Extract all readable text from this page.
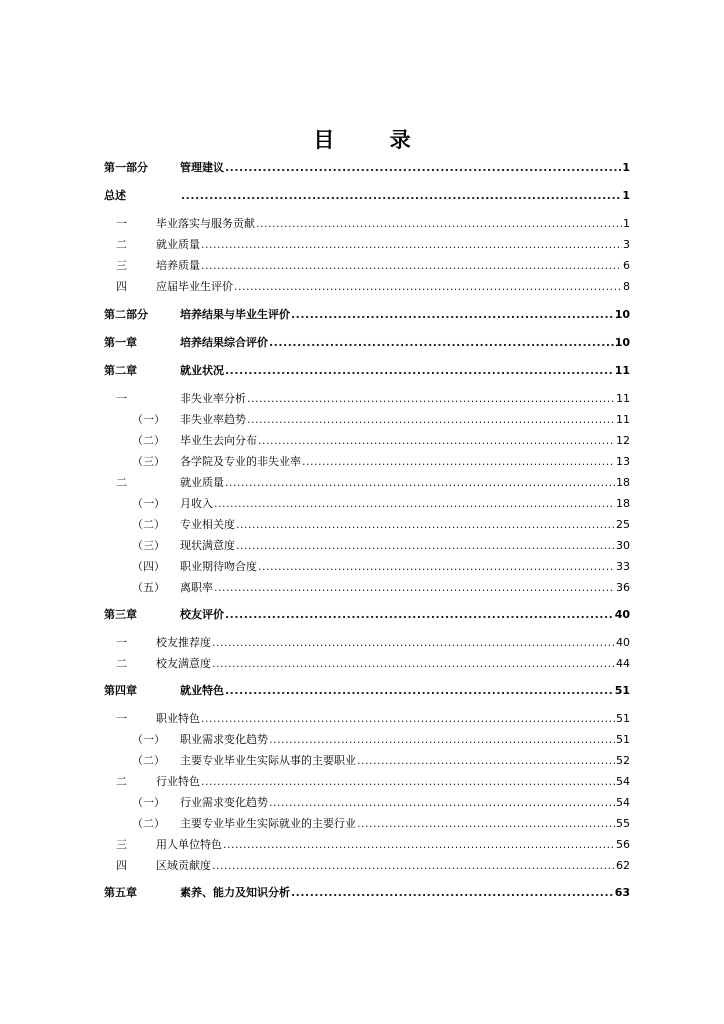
目 录
第一部分	管理建议 .....	1
总述 .....	1
一	毕业落实与服务贡献 .....	1
二	就业质量 .....	3
三	培养质量 .....	6
四	应届毕业生评价 .....	8
第二部分	培养结果与毕业生评价 .....	10
第一章	培养结果综合评价 .....	10
第二章	就业状况 .....	11
一	非失业率分析 .....	11
（一）	非失业率趋势 .....	11
（二）	毕业生去向分布 .....	12
（三）	各学院及专业的非失业率 .....	13
二	就业质量 .....	18
（一）	月收入 .....	18
（二）	专业相关度 .....	25
（三）	现状满意度 .....	30
（四）	职业期待吻合度 .....	33
（五）	离职率 .....	36
第三章	校友评价 .....	40
一	校友推荐度 .....	40
二	校友满意度 .....	44
第四章	就业特色 .....	51
一	职业特色 .....	51
（一）	职业需求变化趋势 .....	51
（二）	主要专业毕业生实际从事的主要职业 .....	52
二	行业特色 .....	54
（一）	行业需求变化趋势 .....	54
（二）	主要专业毕业生实际就业的主要行业 .....	55
三	用人单位特色 .....	56
四	区域贡献度 .....	62
第五章	素养、能力及知识分析 .....	63
